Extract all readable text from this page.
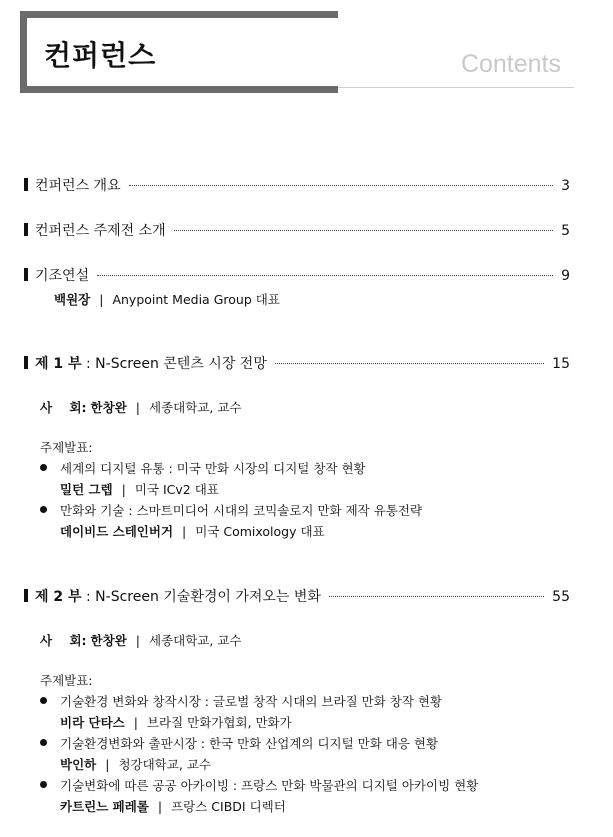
컨퍼런스	Contents
컨퍼런스 개요	3
컨퍼런스 주제전 소개	5
기조연설	9
백원장 | Anypoint Media Group 대표
제 1 부 : N-Screen 콘텐츠 시장 전망	15
사    회: 한창완 | 세종대학교, 교수
주제발표:
세계의 디지털 유통 : 미국 만화 시장의 디지털 창작 현황
밀턴 그렙 | 미국 ICv2 대표
만화와 기술 : 스마트미디어 시대의 코믹솔로지 만화 제작 유통전략
데이비드 스테인버거 | 미국 Comixology 대표
제 2 부 : N-Screen 기술환경이 가져오는 변화	55
사    회: 한창완 | 세종대학교, 교수
주제발표:
기술환경 변화와 창작시장 : 글로벌 창작 시대의 브라질 만화 창작 현황
비라 단타스 | 브라질 만화가협회, 만화가
기술환경변화와 출판시장 : 한국 만화 산업계의 디지털 만화 대응 현황
박인하 | 청강대학교, 교수
기술변화에 따른 공공 아카이빙 : 프랑스 만화 박물관의 디지털 아카이빙 현황
카트린느 페레롤 | 프랑스 CIBDI 디렉터
